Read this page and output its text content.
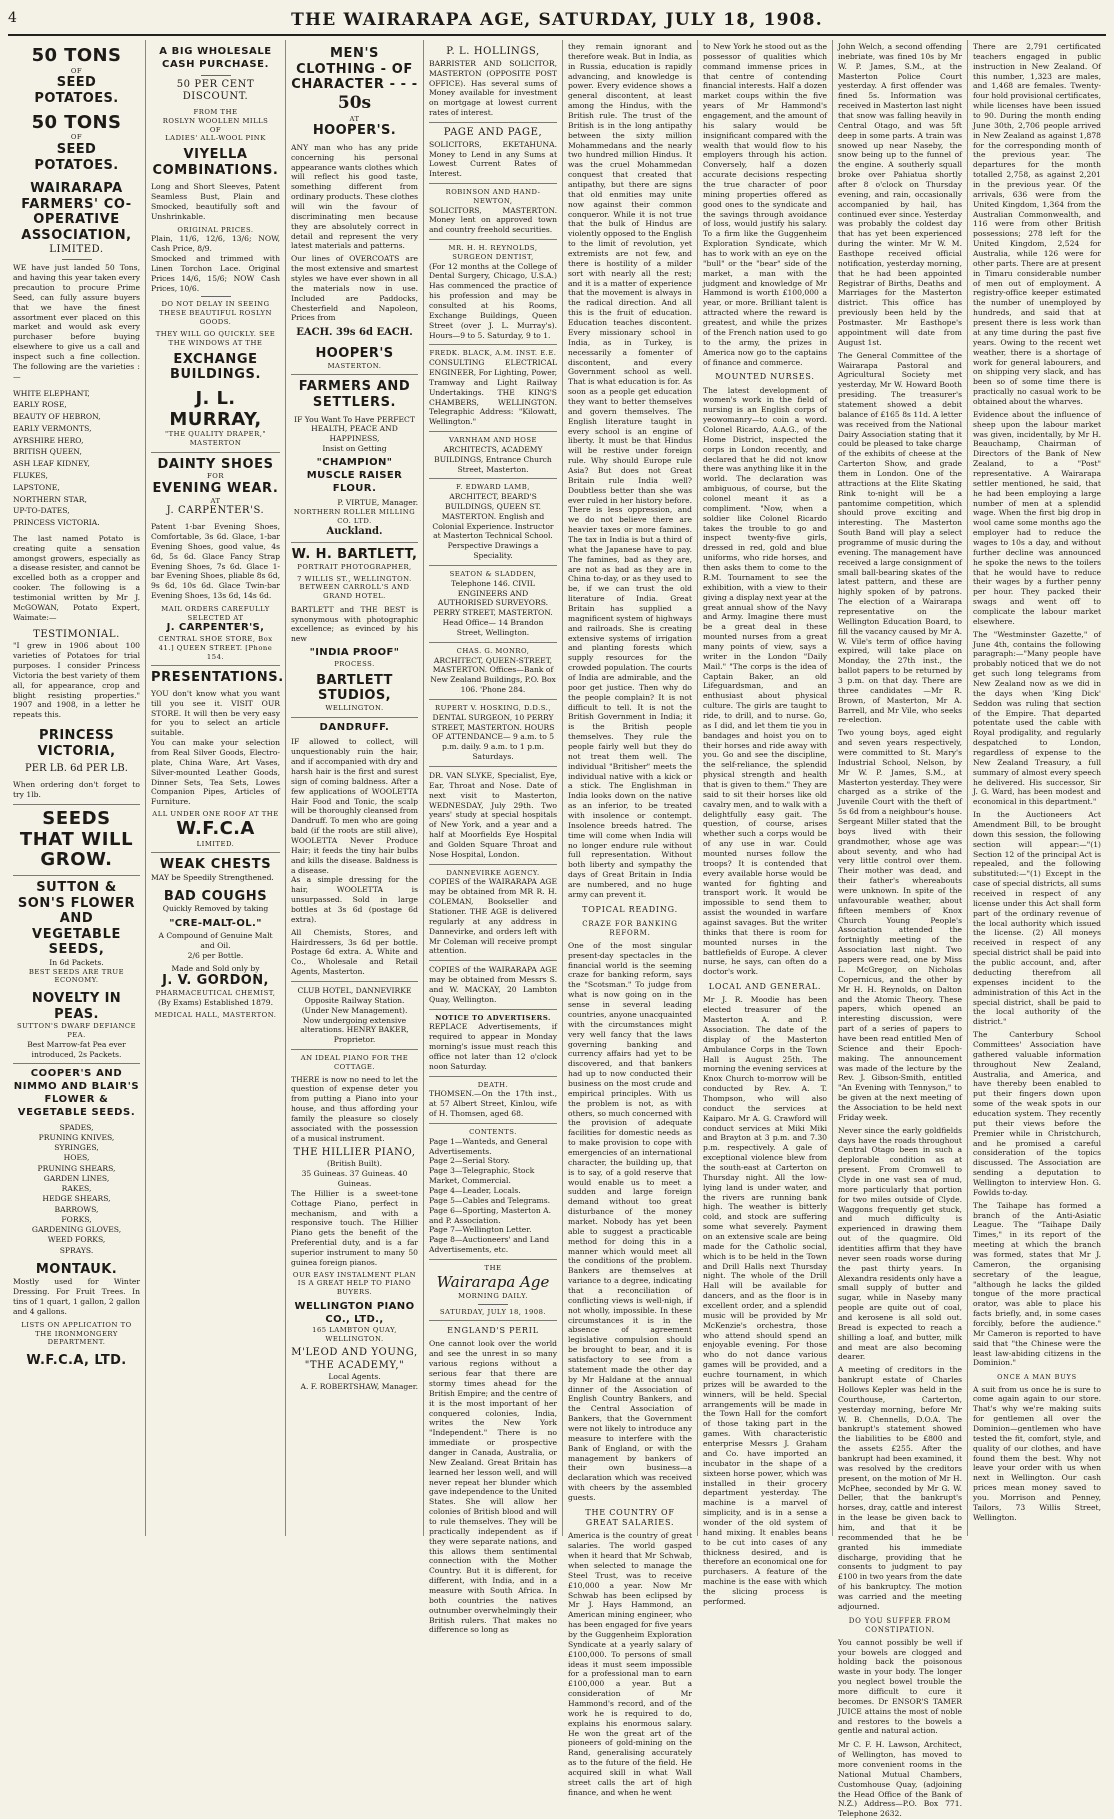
4	THE WAIRARAPA AGE, SATURDAY, JULY 18, 1908.
50 TONS
OF
SEED POTATOES.
50 TONS
OF
SEED POTATOES.
WAIRARAPA FARMERS' CO-OPERATIVE ASSOCIATION,
LIMITED.
WE have just landed 50 Tons, and having this year taken every precaution to procure Prime Seed, can fully assure buyers that we have the finest assortment ever placed on this market and would ask every purchaser before buying elsewhere to give us a call and inspect such a fine collection. The following are the varieties :—
WHITE ELEPHANT,
EARLY ROSE,
BEAUTY OF HEBRON,
EARLY VERMONTS,
AYRSHIRE HERO,
BRITISH QUEEN,
ASH LEAF KIDNEY,
FLUKES,
LAPSTONE,
NORTHERN STAR,
UP-TO-DATES,
PRINCESS VICTORIA.
The last named Potato is creating quite a sensation amongst growers, especially as a disease resister, and cannot be excelled both as a cropper and cooker. The following is a testimonial written by Mr J. McGOWAN, Potato Expert, Waimate:—
TESTIMONIAL.
"I grew in 1906 about 100 varieties of Potatoes for trial purposes. I consider Princess Victoria the best variety of them all, for appearance, crop and blight resisting properties." 1907 and 1908, in a letter he repeats this.
PRINCESS VICTORIA,
PER LB. 6d PER LB.
When ordering don't forget to try 1lb.
SEEDS THAT WILL GROW.
SUTTON & SON'S FLOWER AND VEGETABLE SEEDS,
In 6d Packets.
BEST SEEDS ARE TRUE ECONOMY.
NOVELTY IN PEAS.
SUTTON'S DWARF DEFIANCE PEA.
Best Marrow-fat Pea ever introduced, 2s Packets.
COOPER'S AND NIMMO AND BLAIR'S FLOWER & VEGETABLE SEEDS.
SPADES,
PRUNING KNIVES,
SYRINGES,
HOES,
PRUNING SHEARS,
GARDEN LINES,
RAKES,
HEDGE SHEARS,
BARROWS,
FORKS,
GARDENING GLOVES,
WEED FORKS,
SPRAYS.
MONTAUK.
Mostly used for Winter Dressing. For Fruit Trees. In tins of 1 quart, 1 gallon, 2 gallon and 4 gallons.
LISTS ON APPLICATION TO THE IRONMONGERY DEPARTMENT.
W.F.C.A, LTD.
A BIG WHOLESALE CASH PURCHASE.
50 PER CENT DISCOUNT.
FROM THE
ROSLYN WOOLLEN MILLS
OF
LADIES' ALL-WOOL PINK
VIYELLA COMBINATIONS.
Long and Short Sleeves, Patent Seamless Bust, Plain and Smocked, beautifully soft and Unshrinkable.
ORIGINAL PRICES.
Plain, 11/6, 12/6, 13/6; NOW, Cash Price, 8/9.
Smocked and trimmed with Linen Torchon Lace. Original Prices 14/6, 15/6; NOW Cash Prices, 10/6.
DO NOT DELAY IN SEEING THESE BEAUTIFUL ROSLYN GOODS.
THEY WILL GO QUICKLY. SEE THE WINDOWS AT THE
EXCHANGE BUILDINGS.
J. L. MURRAY,
"THE QUALITY DRAPER,"
MASTERTON
DAINTY SHOES
FOR
EVENING WEAR.
AT
J. CARPENTER'S.
Patent 1-bar Evening Shoes, Comfortable, 3s 6d. Glace, 1-bar Evening Shoes, good value, 4s 6d, 5s 6d. Glace Fancy Strap Evening Shoes, 7s 6d. Glace 1-bar Evening Shoes, pliable 8s 6d, 9s 6d, 10s 6d. Glace Twin-bar Evening Shoes, 13s 6d, 14s 6d.
MAIL ORDERS CAREFULLY SELECTED AT
J. CARPENTER'S,
CENTRAL SHOE STORE, Box 41.] QUEEN STREET. [Phone 154.
PRESENTATIONS.
YOU don't know what you want till you see it. VISIT OUR STORE. It will then be very easy for you to select an article suitable.
You can make your selection from Real Silver Goods, Electro-plate, China Ware, Art Vases, Silver-mounted Leather Goods, Dinner Sets, Tea Sets, Lowes Companion Pipes, Articles of Furniture.
ALL UNDER ONE ROOF AT THE
W.F.C.A
LIMITED.
WEAK CHESTS
MAY be Speedily Strengthened.
BAD COUGHS
Quickly Removed by taking
"CRE-MALT-OL."
A Compound of Genuine Malt and Oil.
2/6 per Bottle.
Made and Sold only by
J. V. GORDON,
PHARMACEUTICAL CHEMIST,
(By Exams) Established 1879.
MEDICAL HALL, MASTERTON.
MEN'S CLOTHING - OF CHARACTER - - -
50s
AT
HOOPER'S.
ANY man who has any pride concerning his personal appearance wants clothes which will reflect his good taste, something different from ordinary products. These clothes will win the favour of discriminating men because they are absolutely correct in detail and represent the very latest materials and patterns.
Our lines of OVERCOATS are the most extensive and smartest styles we have ever shown in all the materials now in use. Included are Paddocks, Chesterfield and Napoleon, Prices from
EACH. 39s 6d EACH.
HOOPER'S
MASTERTON.
FARMERS AND SETTLERS.
IF You Want To Have PERFECT HEALTH, PEACE AND HAPPINESS,
Insist on Getting
"CHAMPION" MUSCLE RAISER FLOUR.
P. VIRTUE, Manager.
NORTHERN ROLLER MILLING CO. LTD.
Auckland.
W. H. BARTLETT,
PORTRAIT PHOTOGRAPHER,
7 WILLIS ST., WELLINGTON. BETWEEN CARROLL'S AND GRAND HOTEL.
BARTLETT and THE BEST is synonymous with photographic excellence; as evinced by his new
"INDIA PROOF"
PROCESS.
BARTLETT STUDIOS,
WELLINGTON.
DANDRUFF.
IF allowed to collect, will unquestionably ruin the hair, and if accompanied with dry and harsh hair is the first and surest sign of coming baldness. After a few applications of WOOLETTA Hair Food and Tonic, the scalp will be thoroughly cleansed from Dandruff. To men who are going bald (if the roots are still alive), WOOLETTA Never Produce Hair; it feeds the tiny hair bulbs and kills the disease. Baldness is a disease.
As a simple dressing for the hair, WOOLETTA is unsurpassed. Sold in large bottles at 3s 6d (postage 6d extra).
All Chemists, Stores, and Hairdressers, 3s 6d per bottle. Postage 6d extra. A. White and Co., Wholesale and Retail Agents, Masterton.
CLUB HOTEL, DANNEVIRKE Opposite Railway Station. (Under New Management).
Now undergoing extensive alterations. HENRY BAKER, Proprietor.
AN IDEAL PIANO FOR THE COTTAGE.
THERE is now no need to let the question of expense deter you from putting a Piano into your house, and thus affording your family the pleasure so closely associated with the possession of a musical instrument.
THE HILLIER PIANO,
(British Built).
35 Guineas. 37 Guineas. 40 Guineas.
The Hillier is a sweet-tone Cottage Piano, perfect in mechanism, and with a responsive touch. The Hillier Piano gets the benefit of the Preferential duty, and is a far superior instrument to many 50 guinea foreign pianos.
OUR EASY INSTALMENT PLAN IS A GREAT HELP TO PIANO BUYERS.
WELLINGTON PIANO CO., LTD.,
165 LAMBTON QUAY, WELLINGTON.
M'LEOD AND YOUNG, "THE ACADEMY,"
Local Agents.
A. F. ROBERTSHAW, Manager.
P. L. HOLLINGS,
BARRISTER AND SOLICITOR, MASTERTON (OPPOSITE POST OFFICE). Has several sums of Money available for investment on mortgage at lowest current rates of interest.
PAGE AND PAGE,
SOLICITORS, EKETAHUNA. Money to Lend in any Sums at Lowest Current Rates of Interest.
ROBINSON AND HAND-NEWTON,
SOLICITORS, MASTERTON. Money lent on approved town and country freehold securities.
MR. H. H. REYNOLDS, SURGEON DENTIST,
(For 12 months at the College of Dental Surgery, Chicago, U.S.A.) Has commenced the practice of his profession and may be consulted at his Rooms, Exchange Buildings, Queen Street (over J. L. Murray's). Hours—9 to 5. Saturday, 9 to 1.
FREDK. BLACK, A.M. INST. E.E.
CONSULTING ELECTRICAL ENGINEER, For Lighting, Power, Tramway and Light Railway Undertakings. THE KING'S CHAMBERS, WELLINGTON. Telegraphic Address: "Kilowatt, Wellington."
VARNHAM AND HOSE
ARCHITECTS, ACADEMY BUILDINGS, Entrance Church Street, Masterton.
F. EDWARD LAMB,
ARCHITECT, BEARD'S BUILDINGS, QUEEN ST. MASTERTON. English and Colonial Experience. Instructor at Masterton Technical School. Perspective Drawings a Speciality.
SEATON & SLADDEN,
Telephone 146. CIVIL ENGINEERS AND AUTHORISED SURVEYORS. PERRY STREET, MASTERTON. Head Office— 14 Brandon Street, Wellington.
CHAS. G. MONRO,
ARCHITECT, QUEEN-STREET, MASTERTON. Offices—Bank of New Zealand Buildings, P.O. Box 106. 'Phone 284.
RUPERT V. HOSKING, D.D.S.,
DENTAL SURGEON, 10 PERRY STREET, MASTERTON. HOURS OF ATTENDANCE— 9 a.m. to 5 p.m. daily. 9 a.m. to 1 p.m. Saturdays.
DR. VAN SLYKE, Specialist, Eye, Ear, Throat and Nose. Date of next visit to Masterton, WEDNESDAY, July 29th. Two years' study at special hospitals of New York, and a year and a half at Moorfields Eye Hospital and Golden Square Throat and Nose Hospital, London.
DANNEVIRKE AGENCY.
COPIES of the WAIRARAPA AGE may be obtained from MR R. H. COLEMAN, Bookseller and Stationer. THE AGE is delivered regularly at any address in Dannevirke, and orders left with Mr Coleman will receive prompt attention.
COPIES of the WAIRARAPA AGE may be obtained from Messrs S. and W. MACKAY, 20 Lambton Quay, Wellington.
NOTICE TO ADVERTISERS.
REPLACE Advertisements, if required to appear in Monday morning's issue must reach this office not later than 12 o'clock noon Saturday.
DEATH.
THOMSEN.—On the 17th inst., at 57 Albert Street, Kinlou, wife of H. Thomsen, aged 68.
CONTENTS.
Page 1—Wanteds, and General Advertisements.
Page 2—Serial Story.
Page 3—Telegraphic, Stock Market, Commercial.
Page 4—Leader, Locals.
Page 5—Cables and Telegrams.
Page 6—Sporting, Masterton A. and P. Association.
Page 7—Wellington Letter.
Page 8—Auctioneers' and Land Advertisements, etc.
THE
Wairarapa Age
MORNING DAILY.
SATURDAY, JULY 18, 1908.
ENGLAND'S PERIL
One cannot look over the world and see the unrest in so many various regions without a serious fear that there are stormy times ahead for the British Empire; and the centre of it is the most important of her conquered colonies, India, writes the New York "Independent." There is no immediate or prospective danger in Canada, Australia, or New Zealand. Great Britain has learned her lesson well, and will never repeat her blunder which gave independence to the United States. She will allow her colonies of British blood and will to rule themselves. They will be practically independent as if they were separate nations, and this allows them sentimental connection with the Mother Country. But it is different, for different, with India, and in a measure with South Africa. In both countries the natives outnumber overwhelmingly their British rulers. That makes no difference so long as
they remain ignorant and therefore weak. But in India, as in Russia, education is rapidly advancing, and knowledge is power. Every evidence shows a general discontent, at least among the Hindus, with the British rule. The trust of the British is in the long antipathy between the sixty million Mohammedans and the nearly two hundred million Hindus. It was the cruel Mohammedan conquest that created that antipathy, but there are signs that old enmities may unite now against their common conqueror. While it is not true that the bulk of Hindus are violently opposed to the English to the limit of revolution, yet extremists are not few, and there is hostility of a milder sort with nearly all the rest; and it is a matter of experience that the movement is always in the radical direction. And all this is the fruit of education. Education teaches discontent. Every missionary school in India, as in Turkey, is necessarily a fomenter of discontent, and every Government school as well. That is what education is for. As soon as a people get education they want to better themselves and govern themselves. The English literature taught in every school is an engine of liberty. It must be that Hindus will be restive under foreign rule. Why should Europe rule Asia? But does not Great Britain rule India well? Doubtless better than she was ever ruled in her history before. There is less oppression, and we do not believe there are heavier taxes or more famines. The tax in India is but a third of what the Japanese have to pay. The famines, bad as they are, are not as bad as they are in China to-day, or as they used to be, if we can trust the old literature of India. Great Britain has supplied a magnificent system of highways and railroads. She is creating extensive systems of irrigation and planting forests which supply resources for the crowded population. The courts of India are admirable, and the poor get justice. Then why do the people complain? It is not difficult to tell. It is not the British Government in India; it is the British people themselves. They rule the people fairly well but they do not treat them well. The individual "Britisher" meets the individual native with a kick or a stick. The Englishman in India looks down on the native as an inferior, to be treated with insolence or contempt. Insolence breeds hatred. The time will come when India will no longer endure rule without full representation. Without both liberty and sympathy the days of Great Britain in India are numbered, and no huge army can prevent it.
TOPICAL READING.
CRAZE FOR BANKING REFORM.
One of the most singular present-day spectacles in the financial world is the seeming craze for banking reform, says the "Scotsman." To judge from what is now going on in the sense in several leading countries, anyone unacquainted with the circumstances might very well fancy that the laws governing banking and currency affairs had yet to be discovered, and that bankers had up to now conducted their business on the most crude and empirical principles. With us the problem is not, as with others, so much concerned with the provision of adequate facilities for domestic needs as to make provision to cope with emergencies of an international character, the building up, that is to say, of a gold reserve that would enable us to meet a sudden and large foreign demand without too great disturbance of the money market. Nobody has yet been able to suggest a practicable method for doing this in a manner which would meet all the conditions of the problem. Bankers are themselves at variance to a degree, indicating that a reconciliation of conflicting views is well-nigh, if not wholly, impossible. In these circumstances it is in the absence of agreement legislative compulsion should be brought to bear, and it is satisfactory to see from a statement made the other day by Mr Haldane at the annual dinner of the Association of English Country Bankers, and the Central Association of Bankers, that the Government were not likely to introduce any measure to interfere with the Bank of England, or with the management by bankers of their own business—a declaration which was received with cheers by the assembled guests.
THE COUNTRY OF GREAT SALARIES.
America is the country of great salaries. The world gasped when it heard that Mr Schwab, when selected to manage the Steel Trust, was to receive £10,000 a year. Now Mr Schwab has been eclipsed by Mr J. Hays Hammond, an American mining engineer, who has been engaged for five years by the Guggenheim Exploration Syndicate at a yearly salary of £100,000. To persons of small ideas it must seem impossible for a professional man to earn £100,000 a year. But a consideration of Mr Hammond's record, and of the work he is required to do, explains his enormous salary. He won the great art of the pioneers of gold-mining on the Rand, generalising accurately as to the future of the field. He acquired skill in what Wall street calls the art of high finance, and when he went
to New York he stood out as the possessor of qualities which command immense prices in that centre of contending financial interests. Half a dozen market coups within the five years of Mr Hammond's engagement, and the amount of his salary would be insignificant compared with the wealth that would flow to his employers through his action. Conversely, half a dozen accurate decisions respecting the true character of poor mining properties offered as good ones to the syndicate and the savings through avoidance of loss, would justify his salary. To a firm like the Guggenheim Exploration Syndicate, which has to work with an eye on the "bull" or the "bear" side of the market, a man with the judgment and knowledge of Mr Hammond is worth £100,000 a year, or more. Brilliant talent is attracted where the reward is greatest, and while the prizes of the French nation used to go to the army, the prizes in America now go to the captains of finance and commerce.
MOUNTED NURSES.
The latest development of women's work in the field of nursing is an English corps of yeowomanry—to coin a word. Colonel Ricardo, A.A.G., of the Home District, inspected the corps in London recently, and declared that he did not know there was anything like it in the world. The declaration was ambiguous, of course, but the colonel meant it as a compliment. "Now, when a soldier like Colonel Ricardo takes the trouble to go and inspect twenty-five girls, dressed in red, gold and blue uniforms, who ride horses, and then asks them to come to the R.M. Tournament to see the exhibition, with a view to their giving a display next year at the great annual show of the Navy and Army. Imagine there must be a great deal in these mounted nurses from a great many points of view, says a writer in the London "Daily Mail." "The corps is the idea of Captain Baker, an old Lifeguardsman, and an enthusiast about physical culture. The girls are taught to ride, to drill, and to nurse. Go, as I did, and let them tie you in bandages and hoist you on to their horses and ride away with you. Go and see the discipline, the self-reliance, the splendid physical strength and health that is given to them." They are said to sit their horses like old cavalry men, and to walk with a delightfully easy gait. The question, of course, arises whether such a corps would be of any use in war. Could mounted nurses follow the troops? It is contended that every available horse would be wanted for fighting and transport work. It would be impossible to send them to assist the wounded in warfare against savages. But the writer thinks that there is room for mounted nurses in the battlefields of Europe. A clever nurse, he says, can often do a doctor's work.
LOCAL AND GENERAL.
Mr J. R. Moodie has been elected treasurer of the Masterton A. and P. Association. The date of the display of the Masterton Ambulance Corps in the Town Hall is August 25th. The morning the evening services at Knox Church to-morrow will be conducted by Rev. A. T. Thompson, who will also conduct the services at Kaiparo. Mr A. G. Crawford will conduct services at Miki Miki and Brayton at 3 p.m. and 7.30 p.m. respectively. A gale of exceptional violence blew from the south-east at Carterton on Thursday night. All the low-lying land is under water, and the rivers are running bank high. The weather is bitterly cold, and stock are suffering some what severely. Payment on an extensive scale are being made for the Catholic social, which is to be held in the Town and Drill Halls next Thursday night. The whole of the Drill Hall will be available for dancers, and as the floor is in excellent order, and a splendid music will be provided by Mr McKenzie's orchestra, those who attend should spend an enjoyable evening. For those who do not dance various games will be provided, and a euchre tournament, in which prizes will be awarded to the winners, will be held. Special arrangements will be made in the Town Hall for the comfort of those taking part in the games. With characteristic enterprise Messrs J. Graham and Co. have imported an incubator in the shape of a sixteen horse power, which was installed in their grocery department yesterday. The machine is a marvel of simplicity, and is in a sense a wonder of the old system of hand mixing. It enables beans to be cut into cases of any thickness desired, and is therefore an economical one for purchasers. A feature of the machine is the ease with which the slicing process is performed.
John Welch, a second offending inebriate, was fined 10s by Mr W. P. James, S.M., at the Masterton Police Court yesterday. A first offender was fined 5s. Information was received in Masterton last night that snow was falling heavily in Central Otago, and was 5ft deep in some parts. A train was snowed up near Naseby, the snow being up to the funnel of the engine. A southerly squall broke over Pahiatua shortly after 8 o'clock on Thursday evening, and rain, occasionally accompanied by hail, has continued ever since. Yesterday was probably the coldest day that has yet been experienced during the winter. Mr W. M. Easthope received official notification, yesterday morning, that he had been appointed Registrar of Births, Deaths and Marriages for the Masterton district. This office has previously been held by the Postmaster. Mr Easthope's appointment will date from August 1st.
The General Committee of the Wairarapa Pastoral and Agricultural Society met yesterday, Mr W. Howard Booth presiding. The treasurer's statement showed a debit balance of £165 8s 11d. A letter was received from the National Dairy Association stating that it could be pleased to take charge of the exhibits of cheese at the Carterton Show, and grade them in London. One of the attractions at the Elite Skating Rink to-night will be a pantomime competition, which should prove exciting and interesting. The Masterton South Band will play a select programme of music during the evening. The management have received a large consignment of small ball-bearing skates of the latest pattern, and these are highly spoken of by patrons. The election of a Wairarapa representative on the Wellington Education Board, to fill the vacancy caused by Mr A. W. Vile's term of office having expired, will take place on Monday, the 27th inst., the ballot papers to be returned by 3 p.m. on that day. There are three candidates —Mr R. Brown, of Masterton, Mr A. Barrell, and Mr Vile, who seeks re-election.
Two young boys, aged eight and seven years respectively, were committed to St. Mary's Industrial School, Nelson, by Mr W. P. James, S.M., at Masterton yesterday. They were charged as a strike of the Juvenile Court with the theft of 5s 6d from a neighbour's house. Sergeant Miller stated that the boys lived with their grandmother, whose age was about seventy, and who had very little control over them. Their mother was dead, and their father's whereabouts were unknown. In spite of the unfavourable weather, about fifteen members of Knox Church Young People's Association attended the fortnightly meeting of the Association last night. Two papers were read, one by Miss L. McGregor, on Nicholas Copernicus, and the other by Mr H. H. Reynolds, on Dalton and the Atomic Theory. These papers, which opened an interesting discussion, were part of a series of papers to have been read entitled Men of Science and their Epoch-making. The announcement was made of the lecture by the Rev. J. Gibson-Smith, entitled "An Evening with Tennyson," to be given at the next meeting of the Association to be held next Friday week.
Never since the early goldfields days have the roads throughout Central Otago been in such a deplorable condition as at present. From Cromwell to Clyde in one vast sea of mud, more particularly that portion for two miles outside of Clyde. Waggons frequently get stuck, and much difficulty is experienced in drawing them out of the quagmire. Old identities affirm that they have never seen roads worse during the past thirty years. In Alexandra residents only have a small supply of butter and sugar, while in Naseby many people are quite out of coal, and kerosene is all sold out. Bread is expected to reach a shilling a loaf, and butter, milk and meat are also becoming dearer.
A meeting of creditors in the bankrupt estate of Charles Hollows Kepler was held in the Courthouse, Carterton, yesterday morning, before Mr W. B. Chennells, D.O.A. The bankrupt's statement showed the liabilities to be £800 and the assets £255. After the bankrupt had been examined, it was resolved by the creditors present, on the motion of Mr H. McPhee, seconded by Mr G. W. Deller, that the bankrupt's horses, dray, cattle and interest in the lease be given back to him, and that it be recommended that he be granted his immediate discharge, providing that he consents to judgment to pay £100 in two years from the date of his bankruptcy. The motion was carried and the meeting adjourned.
DO YOU SUFFER FROM CONSTIPATION.
You cannot possibly be well if your bowels are clogged and holding back the poisonous waste in your body. The longer you neglect bowel trouble the more difficult to cure it becomes. Dr ENSOR'S TAMER JUICE attains the most of noble and restores to the bowels a gentle and natural action.
Mr C. F. H. Lawson, Architect, of Wellington, has moved to more convenient rooms in the National Mutual Chambers, Customhouse Quay, (adjoining the Head Office of the Bank of N.Z.) Address—P.O. Box 771. Telephone 2632.
There are 2,791 certificated teachers engaged in public instruction in New Zealand. Of this number, 1,323 are males, and 1,468 are females. Twenty-four hold provisional certificates, while licenses have been issued to 90. During the month ending June 30th, 2,706 people arrived in New Zealand as against 1,878 for the corresponding month of the previous year. The departures for the month totalled 2,758, as against 2,201 in the previous year. Of the arrivals, 636 were from the United Kingdom, 1,364 from the Australian Commonwealth, and 116 were from other British possessions; 278 left for the United Kingdom, 2,524 for Australia, while 126 were for other parts. There are at present in Timaru considerable number of men out of employment. A registry-office keeper estimated the number of unemployed by hundreds, and said that at present there is less work than at any time during the past five years. Owing to the recent wet weather, there is a shortage of work for general labourers, and on shipping very slack, and has been so of some time there is practically no casual work to be obtained about the wharves.
Evidence about the influence of sheep upon the labour market was given, incidentally, by Mr H. Beauchamp, Chairman of Directors of the Bank of New Zealand, to a "Post" representative. A Wairarapa settler mentioned, he said, that he had been employing a large number of men at a splendid wage. When the first big drop in wool came some months ago the employer had to reduce the wages to 10s a day, and without further decline was announced he spoke the news to the toilers that he would have to reduce their wages by a further penny per hour. They packed their swags and went off to complicate the labour market elsewhere.
The "Westminster Gazette," of June 4th, contains the following paragraph:—"Many people have probably noticed that we do not get such long telegrams from New Zealand now as we did in the days when 'King Dick' Seddon was ruling that section of the Empire. That departed potentate used the cable with Royal prodigality, and regularly despatched to London, regardless of expense to the New Zealand Treasury, a full summary of almost every speech he delivered. His successor, Sir J. G. Ward, has been modest and economical in this department."
In the Auctioneers Act Amendment Bill, to be brought down this session, the following section will appear:—"(1) Section 12 of the principal Act is repealed, and the following substituted:—"(1) Except in the case of special districts, all sums received in respect of any license under this Act shall form part of the ordinary revenue of the local authority which issued the license. (2) All moneys received in respect of any special district shall be paid into the public account, and, after deducting therefrom all expenses incident to the administration of this Act in the special district, shall be paid to the local authority of the district."
The Canterbury School Committees' Association have gathered valuable information throughout New Zealand, Australia, and America, and have thereby been enabled to put their fingers down upon some of the weak spots in our education system. They recently put their views before the Premier while in Christchurch, and he promised a careful consideration of the topics discussed. The Association are sending a deputation to Wellington to interview Hon. G. Fowlds to-day.
The Taihape has formed a branch of the Anti-Asiatic League. The "Taihape Daily Times," in its report of the meeting at which the branch was formed, states that Mr J. Cameron, the organising secretary of the league, "although he lacks the gilded tongue of the more practical orator, was able to place his facts briefly, and, in some cases forcibly, before the audience." Mr Cameron is reported to have said that "the Chinese were the least law-abiding citizens in the Dominion."
ONCE A MAN BUYS
A suit from us once he is sure to come again again to our store. That's why we're making suits for gentlemen all over the Dominion—gentlemen who have tested the fit, comfort, style, and quality of our clothes, and have found them the best. Why not leave your order with us when next in Wellington. Our cash prices mean money saved to you. Morrison and Penney, Tailors, 73 Willis Street, Wellington.
